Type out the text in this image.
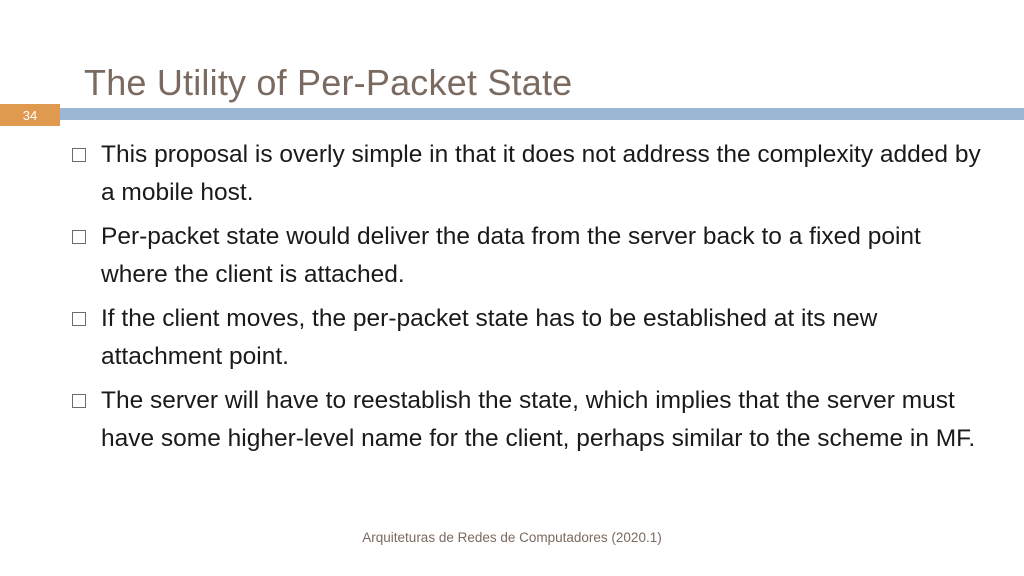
The Utility of Per-Packet State
34
This proposal is overly simple in that it does not address the complexity added by a mobile host.
Per-packet state would deliver the data from the server back to a fixed point where the client is attached.
If the client moves, the per-packet state has to be established at its new attachment point.
The server will have to reestablish the state, which implies that the server must have some higher-level name for the client, perhaps similar to the scheme in MF.
Arquiteturas de Redes de Computadores (2020.1)
